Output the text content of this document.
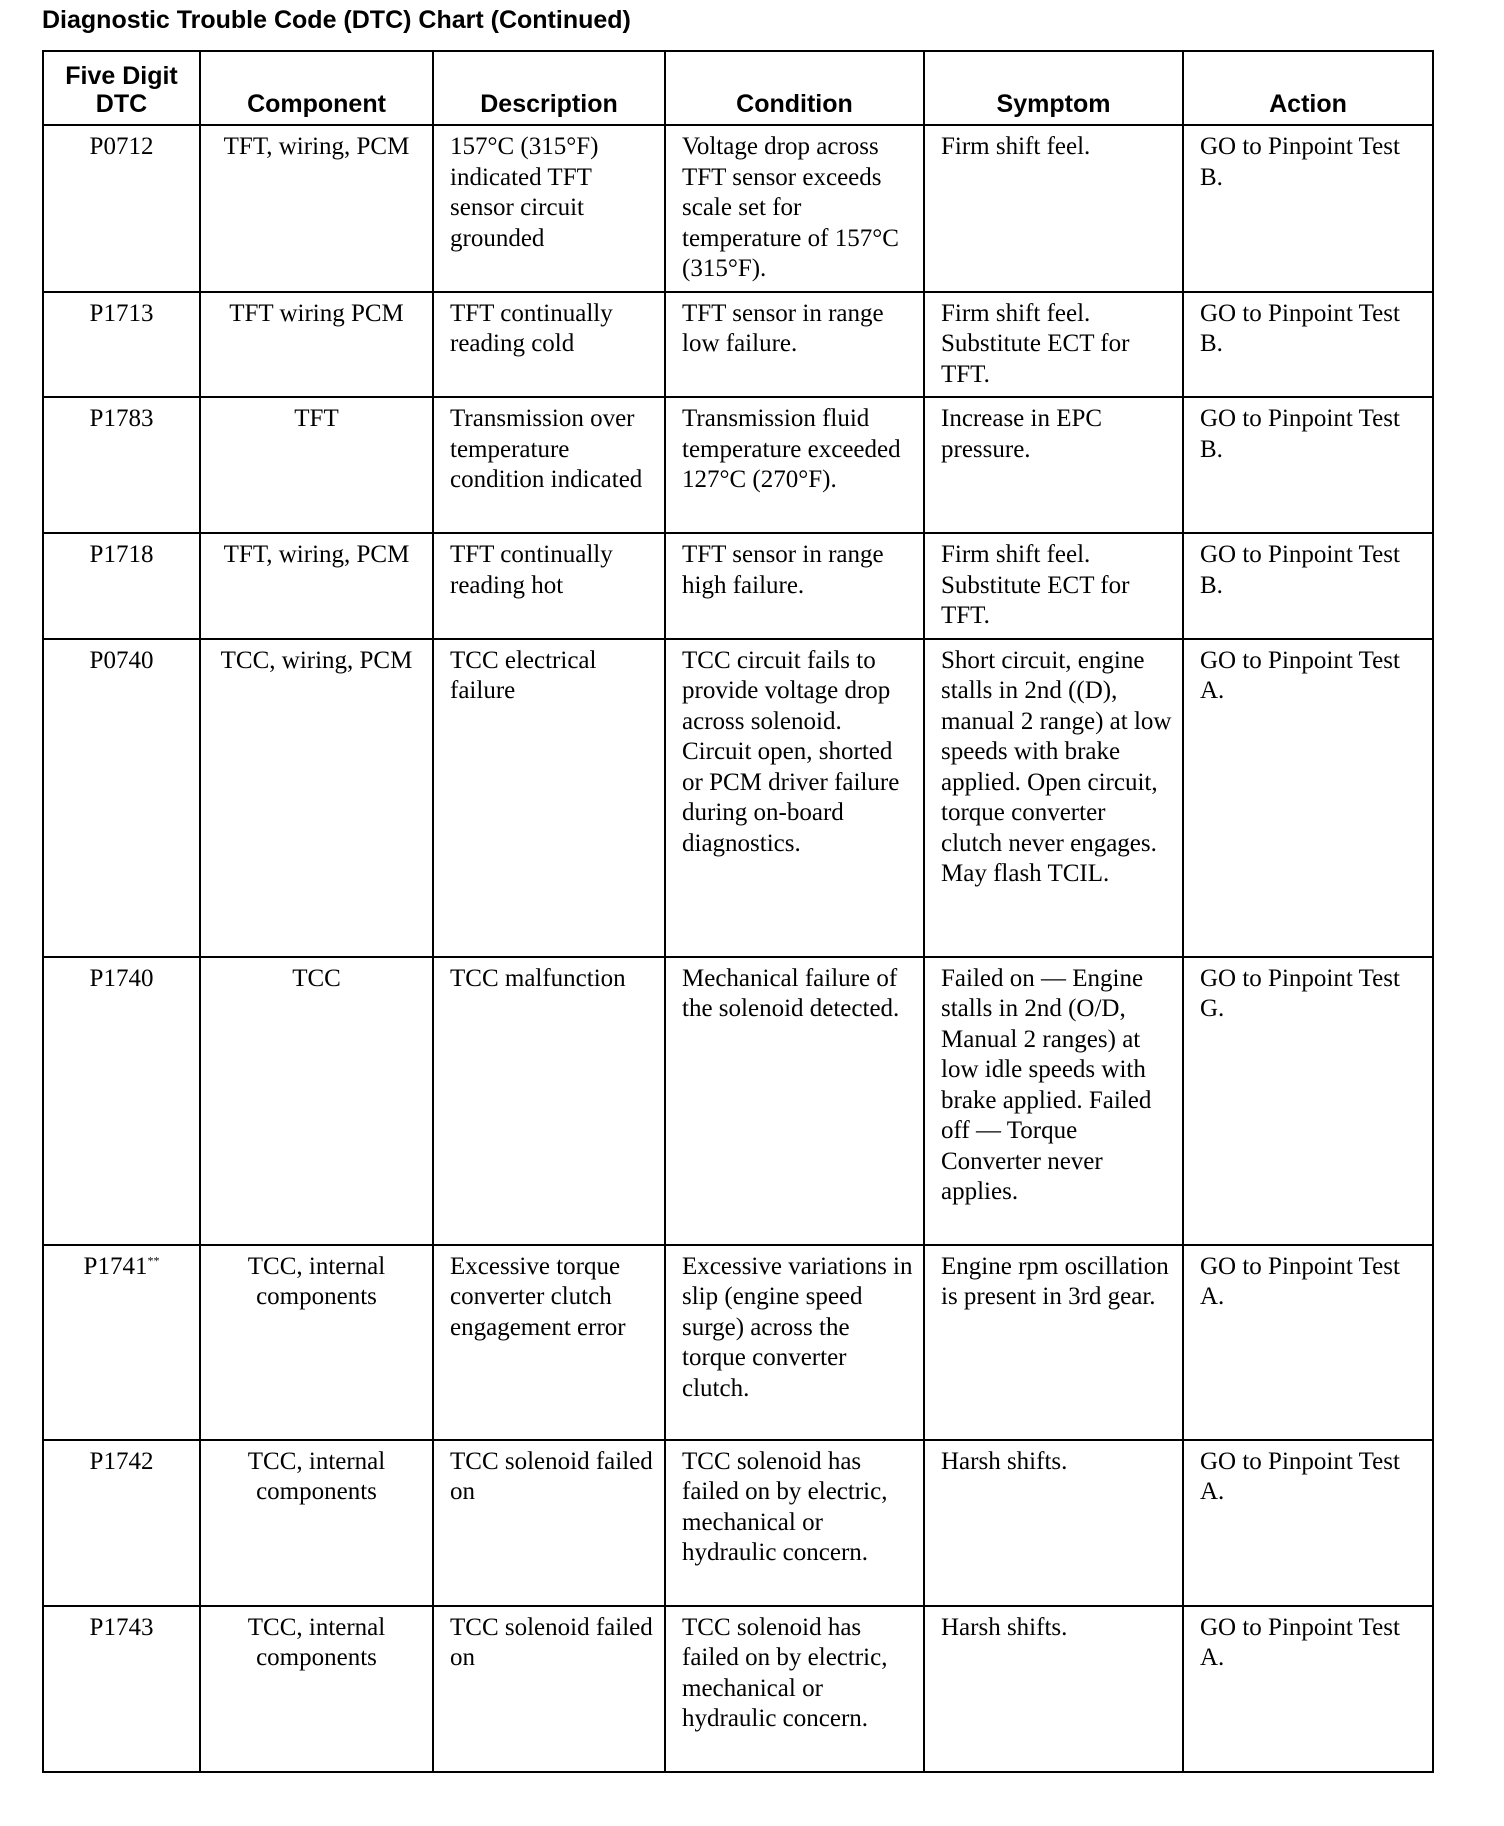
Diagnostic Trouble Code (DTC) Chart (Continued)
Five Digit DTC	Component	Description	Condition	Symptom	Action
P0712	TFT, wiring, PCM	157°C (315°F) indicated TFT sensor circuit grounded	Voltage drop across TFT sensor exceeds scale set for temperature of 157°C (315°F).	Firm shift feel.	GO to Pinpoint Test B.
P1713	TFT wiring PCM	TFT continually reading cold	TFT sensor in range low failure.	Firm shift feel. Substitute ECT for TFT.	GO to Pinpoint Test B.
P1783	TFT	Transmission over temperature condition indicated	Transmission fluid temperature exceeded 127°C (270°F).	Increase in EPC pressure.	GO to Pinpoint Test B.
P1718	TFT, wiring, PCM	TFT continually reading hot	TFT sensor in range high failure.	Firm shift feel. Substitute ECT for TFT.	GO to Pinpoint Test B.
P0740	TCC, wiring, PCM	TCC electrical failure	TCC circuit fails to provide voltage drop across solenoid. Circuit open, shorted or PCM driver failure during on-board diagnostics.	Short circuit, engine stalls in 2nd ((D), manual 2 range) at low speeds with brake applied. Open circuit, torque converter clutch never engages. May flash TCIL.	GO to Pinpoint Test A.
P1740	TCC	TCC malfunction	Mechanical failure of the solenoid detected.	Failed on — Engine stalls in 2nd (O/D, Manual 2 ranges) at low idle speeds with brake applied. Failed off — Torque Converter never applies.	GO to Pinpoint Test G.
P1741**	TCC, internal components	Excessive torque converter clutch engagement error	Excessive variations in slip (engine speed surge) across the torque converter clutch.	Engine rpm oscillation is present in 3rd gear.	GO to Pinpoint Test A.
P1742	TCC, internal components	TCC solenoid failed on	TCC solenoid has failed on by electric, mechanical or hydraulic concern.	Harsh shifts.	GO to Pinpoint Test A.
P1743	TCC, internal components	TCC solenoid failed on	TCC solenoid has failed on by electric, mechanical or hydraulic concern.	Harsh shifts.	GO to Pinpoint Test A.
